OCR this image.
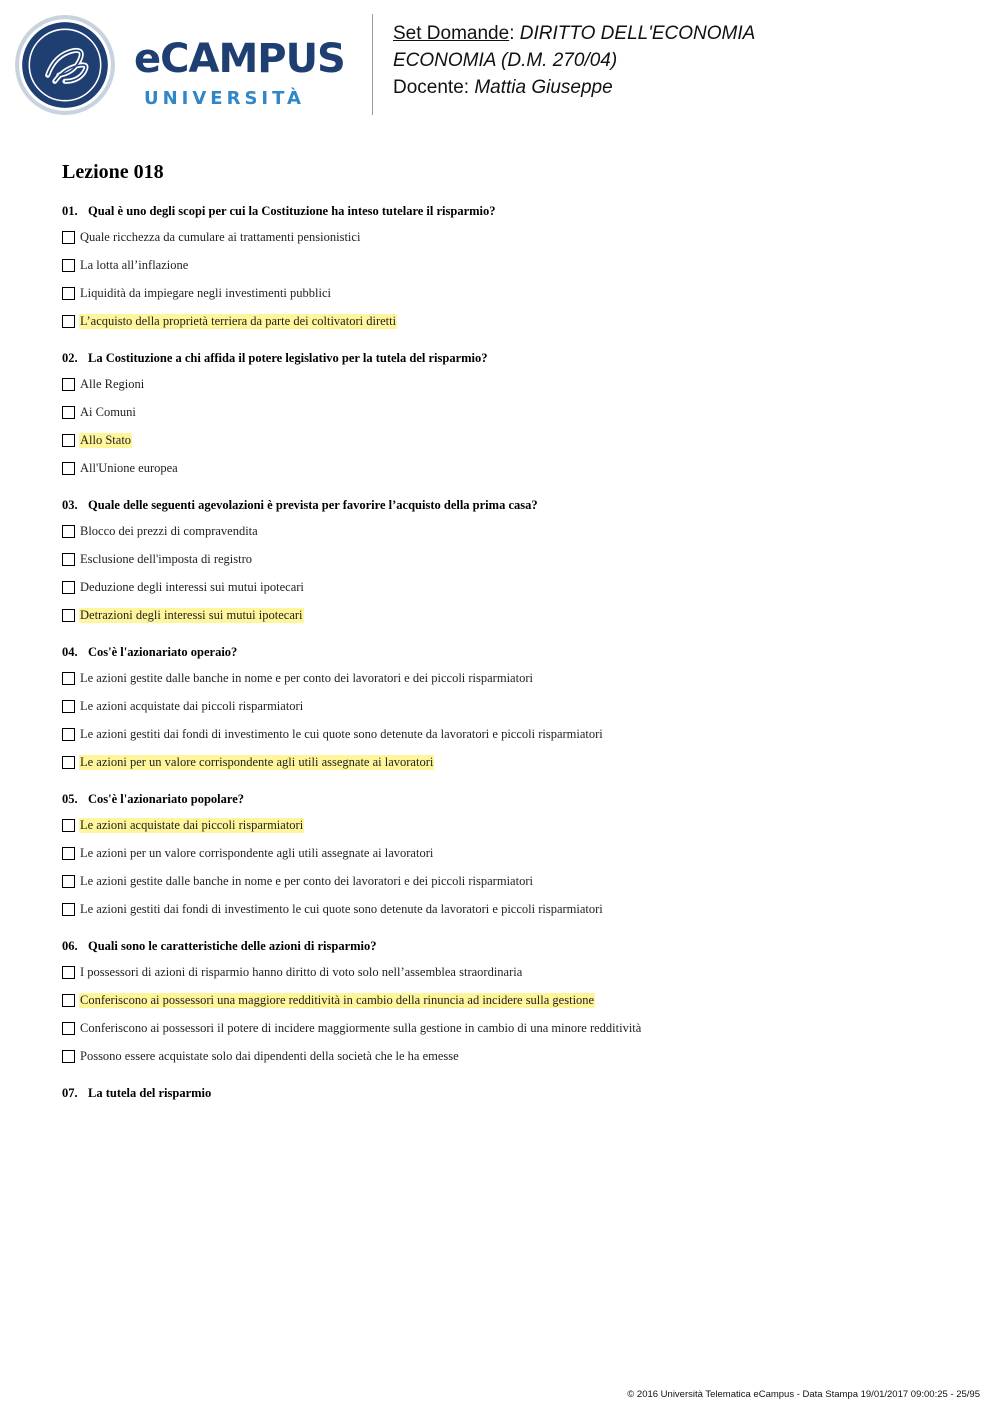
eCAMPUS
UNIVERSITÀ
Set Domande: DIRITTO DELL'ECONOMIA
ECONOMIA (D.M. 270/04)
Docente: Mattia Giuseppe
Lezione 018
01. Qual è uno degli scopi per cui la Costituzione ha inteso tutelare il risparmio?
Quale ricchezza da cumulare ai trattamenti pensionistici
La lotta all’inflazione
Liquidità da impiegare negli investimenti pubblici
L’acquisto della proprietà terriera da parte dei coltivatori diretti
02. La Costituzione a chi affida il potere legislativo per la tutela del risparmio?
Alle Regioni
Ai Comuni
Allo Stato
All'Unione europea
03. Quale delle seguenti agevolazioni è prevista per favorire l’acquisto della prima casa?
Blocco dei prezzi di compravendita
Esclusione dell'imposta di registro
Deduzione degli interessi sui mutui ipotecari
Detrazioni degli interessi sui mutui ipotecari
04. Cos'è l'azionariato operaio?
Le azioni gestite dalle banche in nome e per conto dei lavoratori e dei piccoli risparmiatori
Le azioni acquistate dai piccoli risparmiatori
Le azioni gestiti dai fondi di investimento le cui quote sono detenute da lavoratori e piccoli risparmiatori
Le azioni per un valore corrispondente agli utili assegnate ai lavoratori
05. Cos'è l'azionariato popolare?
Le azioni acquistate dai piccoli risparmiatori
Le azioni per un valore corrispondente agli utili assegnate ai lavoratori
Le azioni gestite dalle banche in nome e per conto dei lavoratori e dei piccoli risparmiatori
Le azioni gestiti dai fondi di investimento le cui quote sono detenute da lavoratori e piccoli risparmiatori
06. Quali sono le caratteristiche delle azioni di risparmio?
I possessori di azioni di risparmio hanno diritto di voto solo nell’assemblea straordinaria
Conferiscono ai possessori una maggiore redditività in cambio della rinuncia ad incidere sulla gestione
Conferiscono ai possessori il potere di incidere maggiormente sulla gestione in cambio di una minore redditività
Possono essere acquistate solo dai dipendenti della società che le ha emesse
07. La tutela del risparmio
© 2016 Università Telematica eCampus - Data Stampa 19/01/2017 09:00:25 - 25/95
